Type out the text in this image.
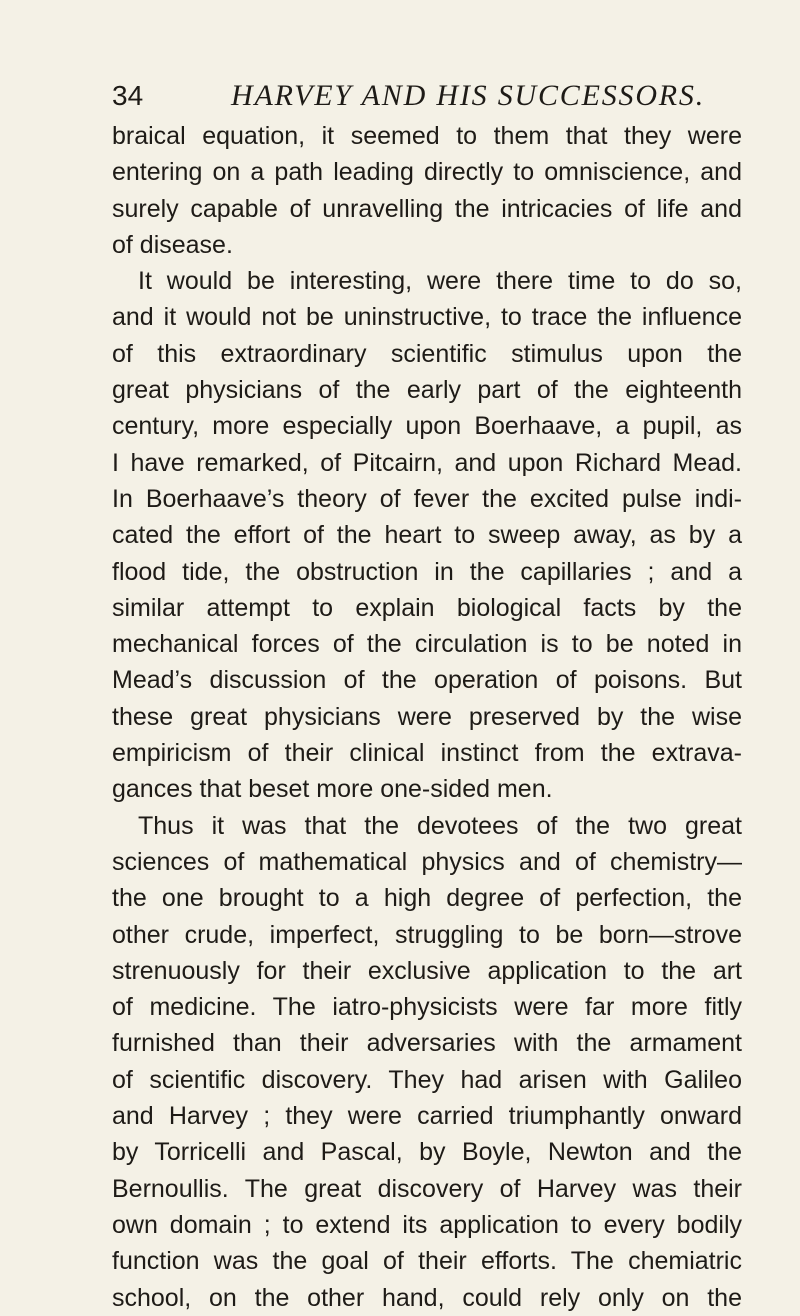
34	HARVEY AND HIS SUCCESSORS.
braical equation, it seemed to them that they were
entering on a path leading directly to omniscience, and
surely capable of unravelling the intricacies of life and
of disease.
It would be interesting, were there time to do so,
and it would not be uninstructive, to trace the influence
of this extraordinary scientific stimulus upon the
great physicians of the early part of the eighteenth
century, more especially upon Boerhaave, a pupil, as
I have remarked, of Pitcairn, and upon Richard Mead.
In Boerhaave’s theory of fever the excited pulse indi-
cated the effort of the heart to sweep away, as by a
flood tide, the obstruction in the capillaries ; and a
similar attempt to explain biological facts by the
mechanical forces of the circulation is to be noted in
Mead’s discussion of the operation of poisons. But
these great physicians were preserved by the wise
empiricism of their clinical instinct from the extrava-
gances that beset more one-sided men.
Thus it was that the devotees of the two great
sciences of mathematical physics and of chemistry—
the one brought to a high degree of perfection, the
other crude, imperfect, struggling to be born—strove
strenuously for their exclusive application to the art
of medicine. The iatro-physicists were far more fitly
furnished than their adversaries with the armament
of scientific discovery. They had arisen with Galileo
and Harvey ; they were carried triumphantly onward
by Torricelli and Pascal, by Boyle, Newton and the
Bernoullis. The great discovery of Harvey was their
own domain ; to extend its application to every bodily
function was the goal of their efforts. The chemiatric
school, on the other hand, could rely only on the
